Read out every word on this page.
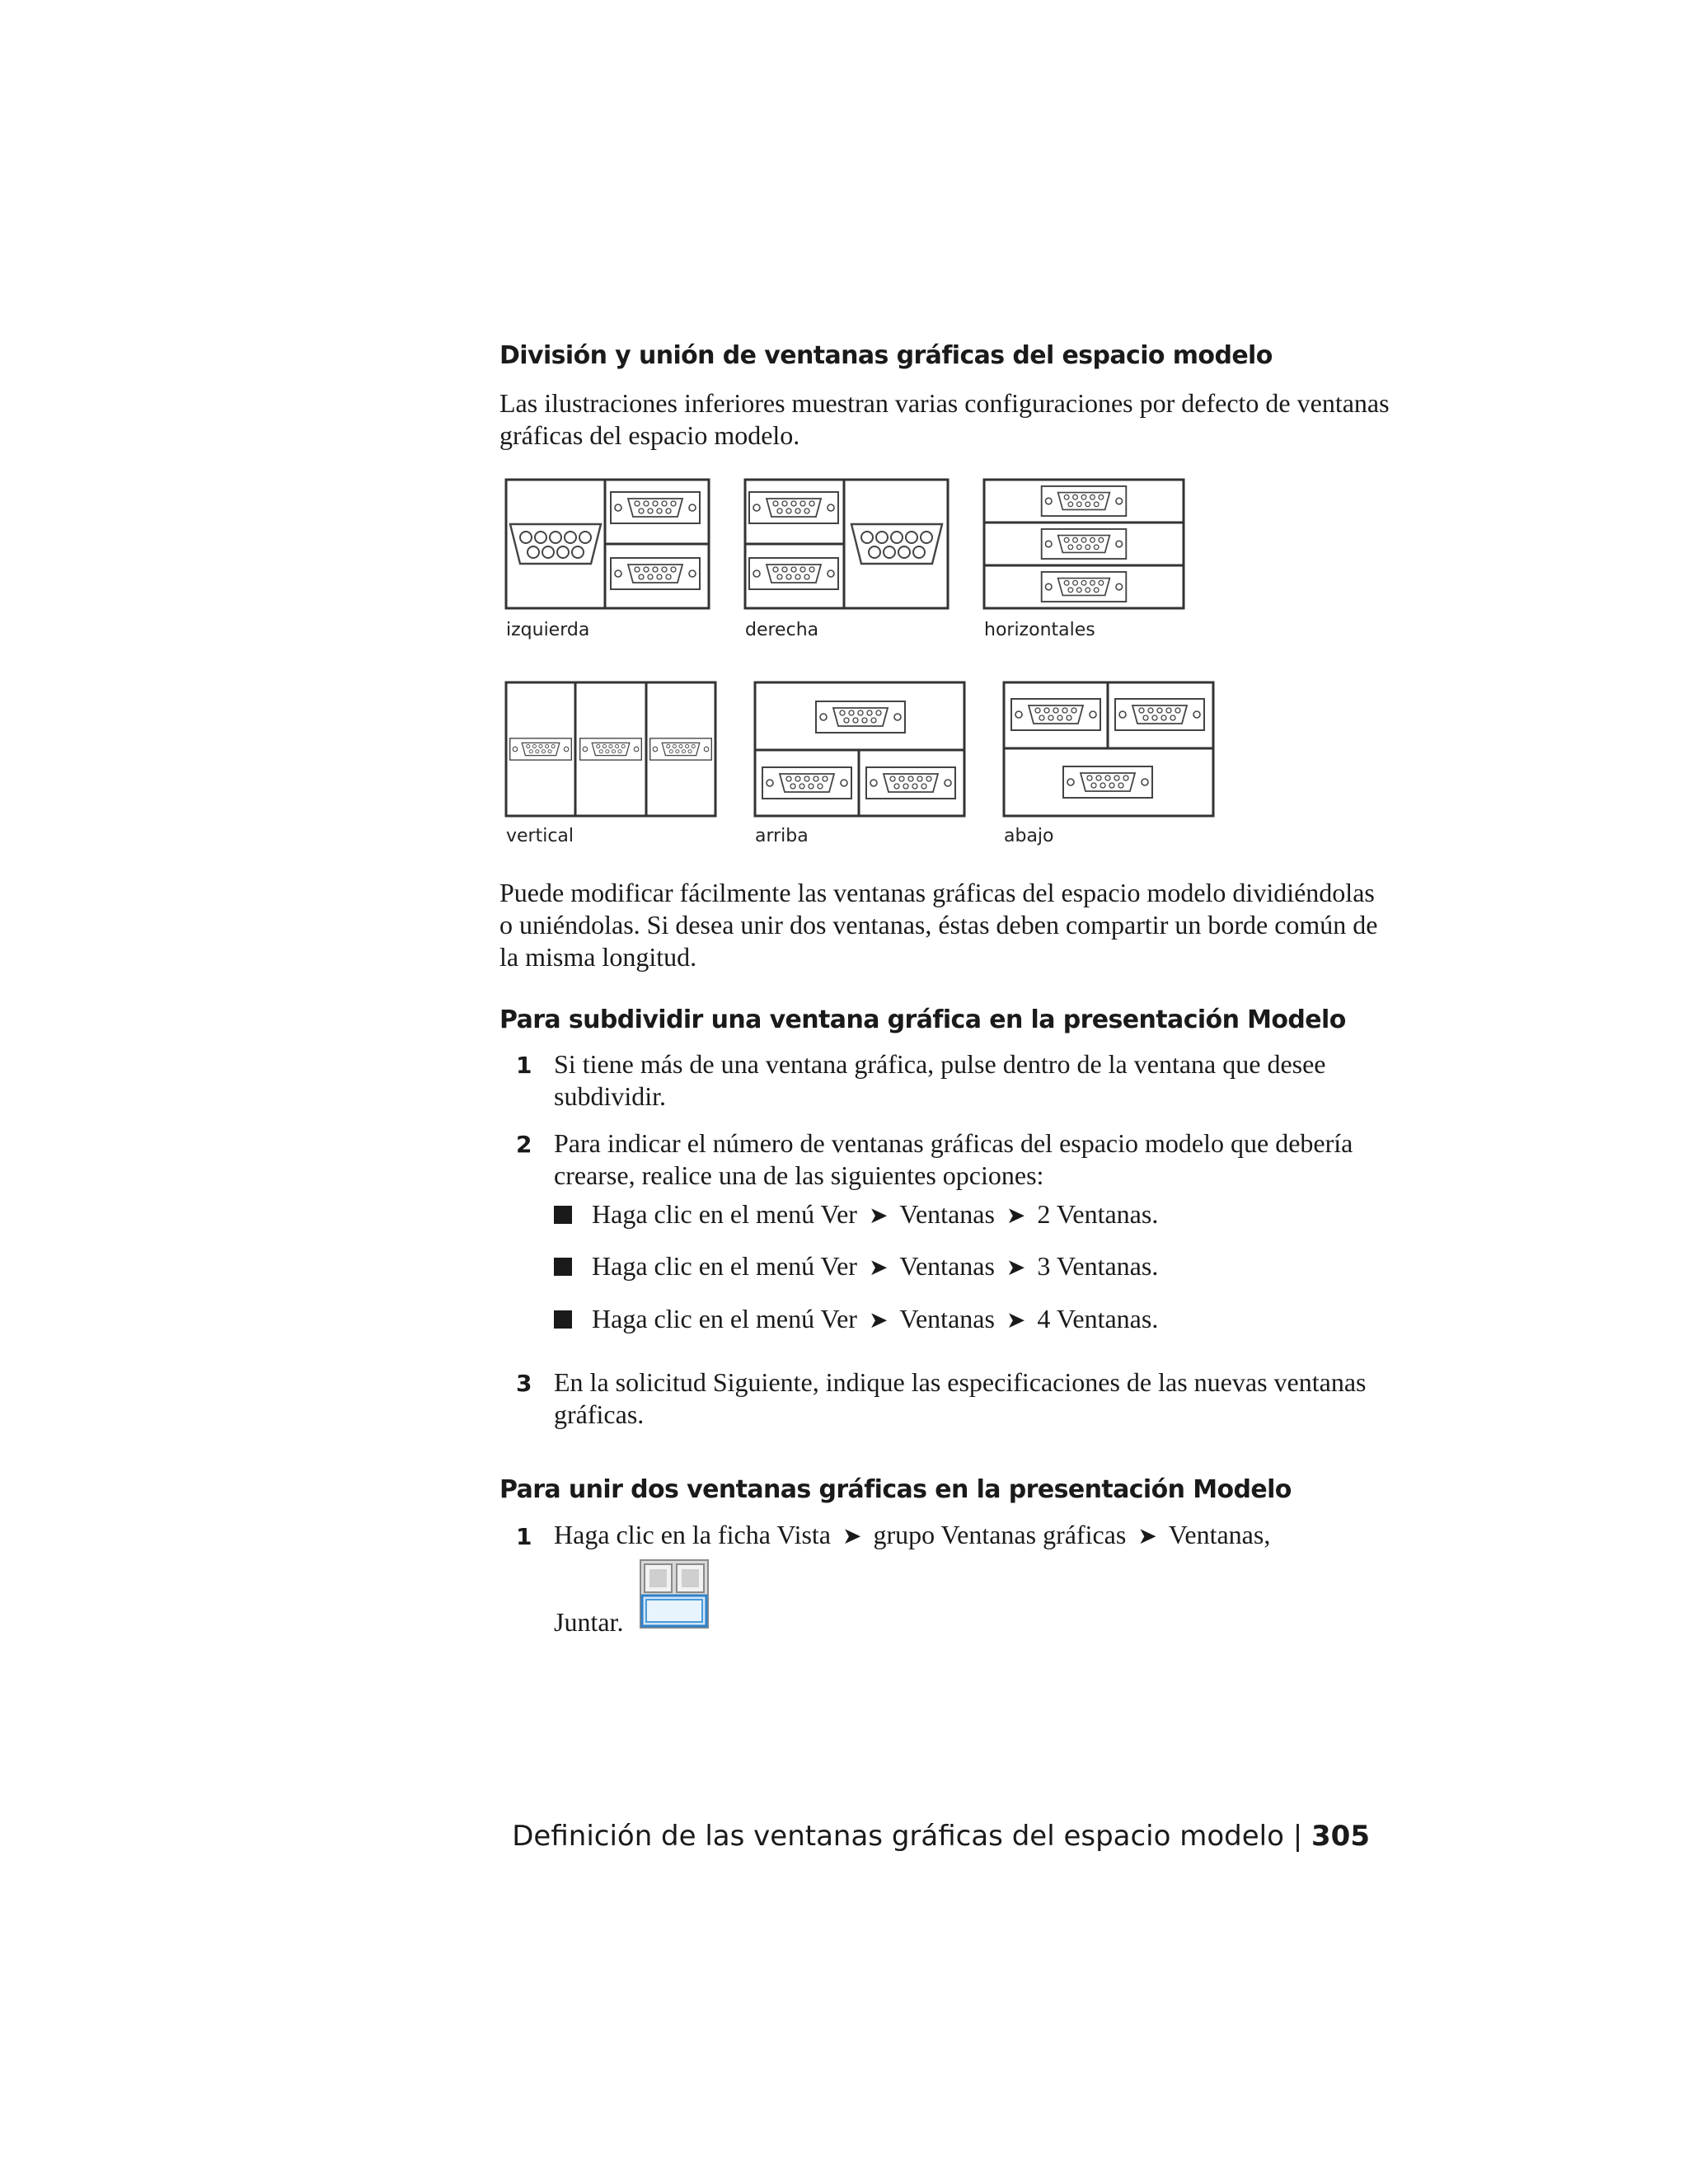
División y unión de ventanas gráficas del espacio modelo

Las ilustraciones inferiores muestran varias configuraciones por defecto de ventanas gráficas del espacio modelo.

izquierda	derecha	horizontales
vertical	arriba	abajo

Puede modificar fácilmente las ventanas gráficas del espacio modelo dividiéndolas o uniéndolas. Si desea unir dos ventanas, éstas deben compartir un borde común de la misma longitud.

Para subdividir una ventana gráfica en la presentación Modelo
1 Si tiene más de una ventana gráfica, pulse dentro de la ventana que desee subdividir.

2 Para indicar el número de ventanas gráficas del espacio modelo que debería crearse, realice una de las siguientes opciones:

Haga clic en el menú Ver ➤ Ventanas ➤ 2 Ventanas.
Haga clic en el menú Ver ➤ Ventanas ➤ 3 Ventanas.
Haga clic en el menú Ver ➤ Ventanas ➤ 4 Ventanas.
3 En la solicitud Siguiente, indique las especificaciones de las nuevas ventanas gráficas.

Para unir dos ventanas gráficas en la presentación Modelo
1 Haga clic en la ficha Vista ➤ grupo Ventanas gráficas ➤ Ventanas,
Juntar.
Definición de las ventanas gráficas del espacio modelo | 305
